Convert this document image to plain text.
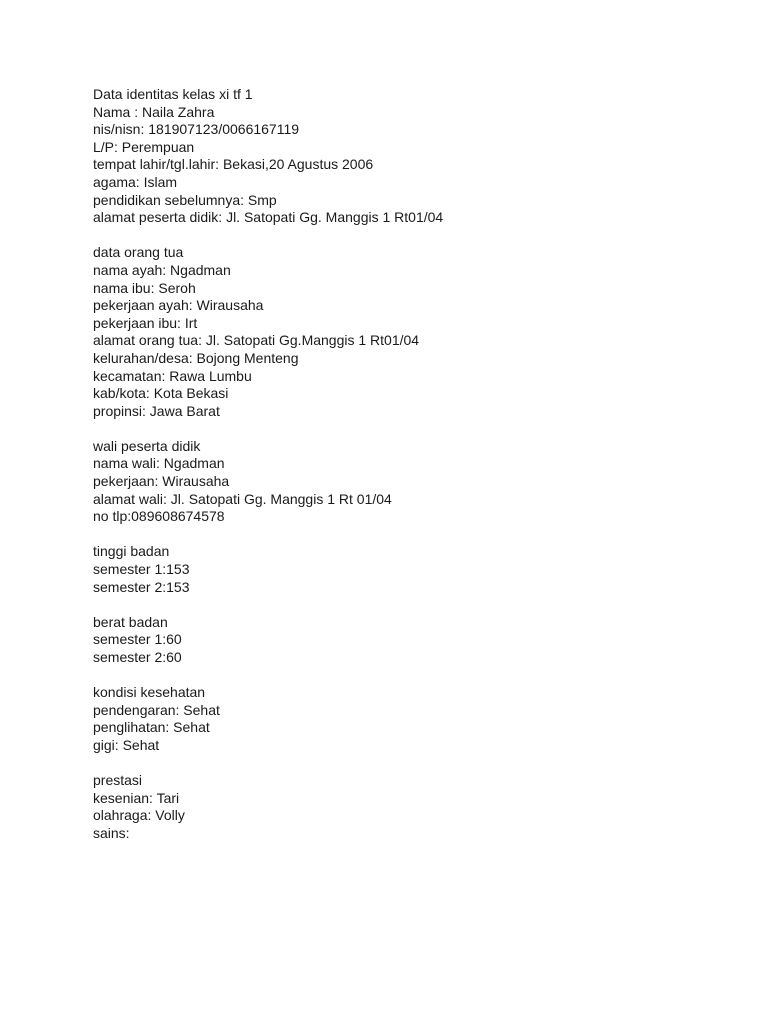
Data identitas kelas xi tf 1
Nama : Naila Zahra
nis/nisn: 181907123/0066167119
L/P: Perempuan
tempat lahir/tgl.lahir: Bekasi,20 Agustus 2006
agama: Islam
pendidikan sebelumnya: Smp
alamat peserta didik: Jl. Satopati Gg. Manggis 1 Rt01/04
data orang tua
nama ayah: Ngadman
nama ibu: Seroh
pekerjaan ayah: Wirausaha
pekerjaan ibu: Irt
alamat orang tua: Jl. Satopati Gg.Manggis 1 Rt01/04
kelurahan/desa: Bojong Menteng
kecamatan: Rawa Lumbu
kab/kota: Kota Bekasi
propinsi: Jawa Barat
wali peserta didik
nama wali: Ngadman
pekerjaan: Wirausaha
alamat wali: Jl. Satopati Gg. Manggis 1 Rt 01/04
no tlp:089608674578
tinggi badan
semester 1:153
semester 2:153
berat badan
semester 1:60
semester 2:60
kondisi kesehatan
pendengaran: Sehat
penglihatan: Sehat
gigi: Sehat
prestasi
kesenian: Tari
olahraga: Volly
sains:
